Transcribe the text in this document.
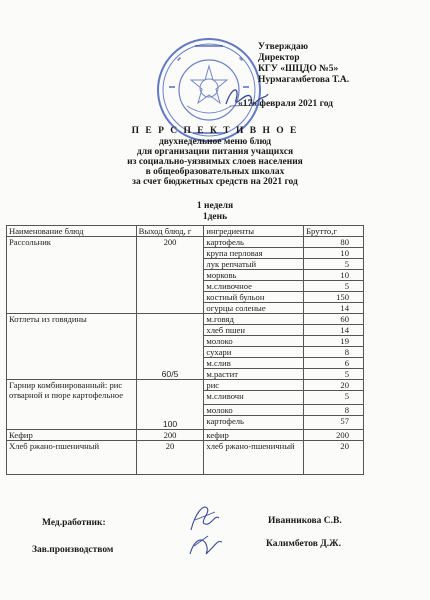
Утверждаю
Директор
КГУ «ШЦДО №5»
Нурмагамбетова Т.А.
«17» февраля 2021 год
П Е Р С П Е К Т И В Н О Е
двухнедельное меню блюд
для организации питания учащихся
из социально-уязвимых слоев населения
в общеобразовательных школах
за счет бюджетных средств на 2021 год
1 неделя
1день
Наименование блюд	Выход блюд, г	ингредиенты	Брутто,г
Рассольник	200	картофель	80
		крупа перловая	10
		лук репчатый	5
		морковь	10
		м.сливочное	5
		костный бульон	150
		огурцы соленые	14
Котлеты из говядины	60/5	м.говяд	60
		хлеб пшен	14
		молоко	19
		сухари	8
		м.слив	6
		м.растит	5
Гарнир комбинированный: рис отварной и пюре картофельное	100	рис	20
		м.сливочн	5
		молоко	8
		картофель	57
Кефир	200	кефир	200
Хлеб ржано-пшеничный	20	хлеб ржано-пшеничный	20
Мед.работник:	Иванникова С.В.
Зав.производством
Калимбетов Д.Ж.
